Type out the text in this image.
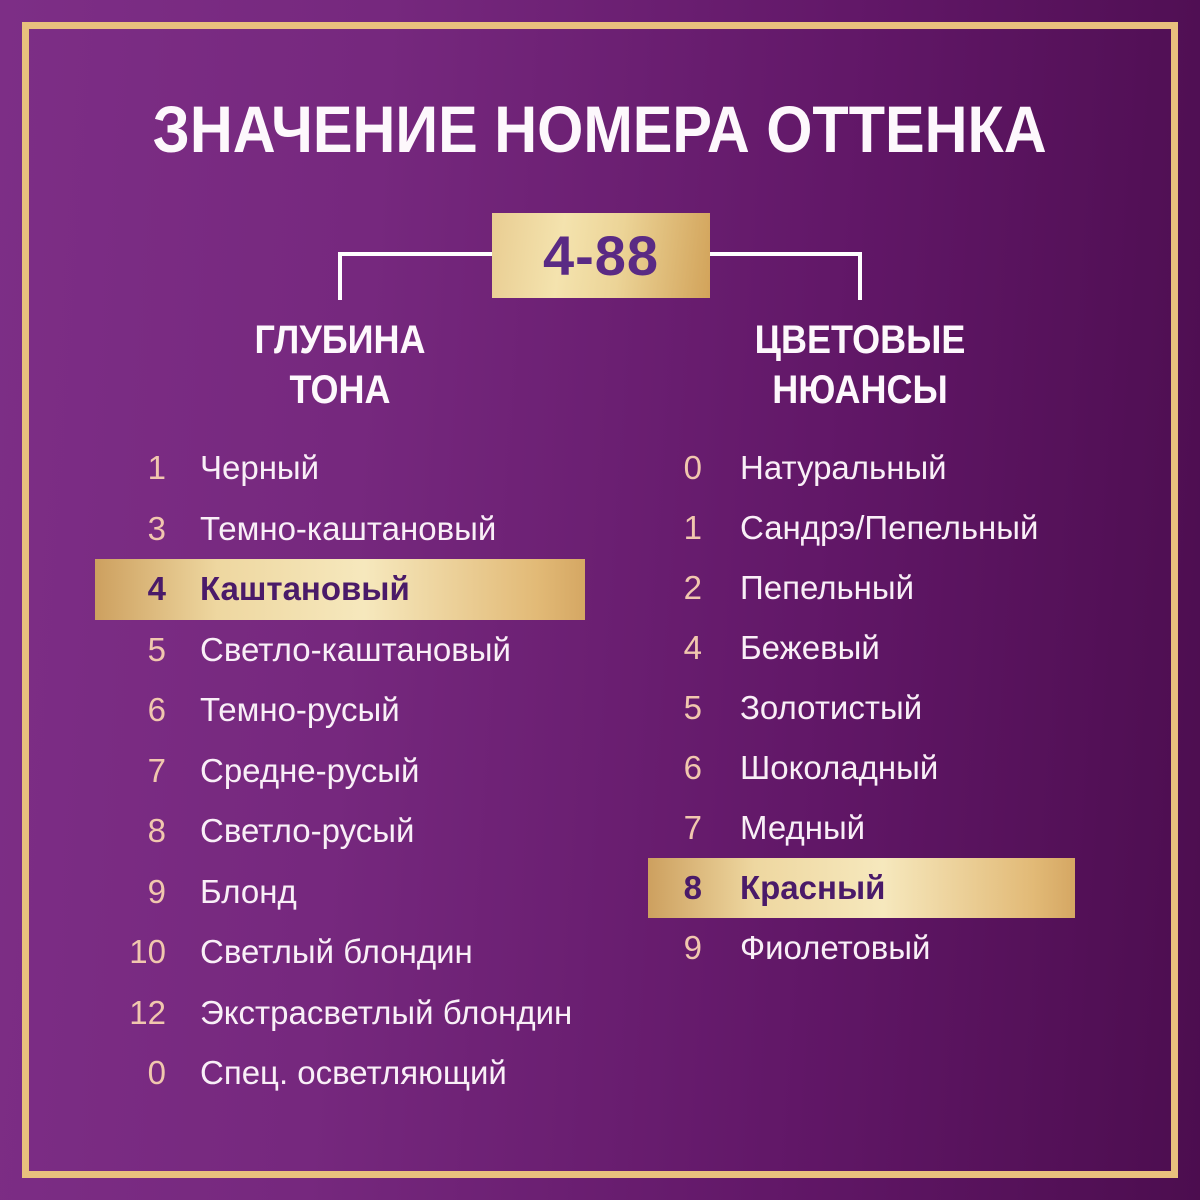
ЗНАЧЕНИЕ НОМЕРА ОТТЕНКА
4-88
ГЛУБИНА
ТОНА
ЦВЕТОВЫЕ
НЮАНСЫ
1 Черный
3 Темно-каштановый
4 Каштановый
5 Светло-каштановый
6 Темно-русый
7 Средне-русый
8 Светло-русый
9 Блонд
10 Светлый блондин
12 Экстрасветлый блондин
0 Спец. осветляющий
0 Натуральный
1 Сандрэ/Пепельный
2 Пепельный
4 Бежевый
5 Золотистый
6 Шоколадный
7 Медный
8 Красный
9 Фиолетовый
